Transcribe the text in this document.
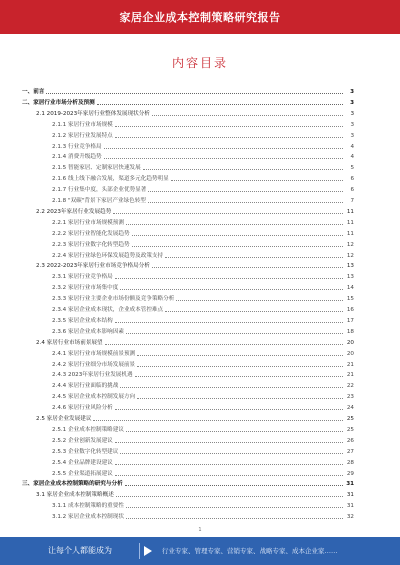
家居企业成本控制策略研究报告
内容目录
一、前言	3
二、家居行业市场分析及预测	3
2.1 2019-2023年家居行业整体发展现状分析	3
2.1.1 家居行业市场规模	3
2.1.2 家居行业发展特点	3
2.1.3 行业竞争格局	4
2.1.4 消费升级趋势	4
2.1.5 智能家居、定制家居快速发展	5
2.1.6 线上线下融合发展，渠道多元化趋势明显	6
2.1.7 行业集中度，头部企业优势显著	6
2.1.8 "双碳"背景下家居产业绿色转型	7
2.2 2023年家居行业发展趋势	11
2.2.1 家居行业市场规模预测	11
2.2.2 家居行业智能化发展趋势	11
2.2.3 家居行业数字化转型趋势	12
2.2.4 家居行业绿色环保发展趋势及政策支持	12
2.3 2022-2023年家居行业市场竞争格局分析	13
2.3.1 家居行业竞争格局	13
2.3.2 家居行业市场集中度	14
2.3.3 家居行业主要企业市场份额及竞争策略分析	15
2.3.4 家居企业成本现状，企业成本管控难点	16
2.3.5 家居企业成本结构	17
2.3.6 家居企业成本影响因素	18
2.4 家居行业市场前景展望	20
2.4.1 家居行业市场规模前景预测	20
2.4.2 家居行业细分市场发展前景	21
2.4.3 2023年家居行业发展机遇	21
2.4.4 家居行业面临的挑战	22
2.4.5 家居企业成本控制发展方向	23
2.4.6 家居行业风险分析	24
2.5 家居企业发展建议	25
2.5.1 企业成本控制策略建议	25
2.5.2 企业创新发展建议	26
2.5.3 企业数字化转型建议	27
2.5.4 企业品牌建设建议	28
2.5.5 企业渠道拓展建议	29
三、家居企业成本控制策略的研究与分析	31
3.1 家居企业成本控制策略概述	31
3.1.1 成本控制策略的重要性	31
3.1.2 家居企业成本控制现状	32
1
让每个人都能成为	行业专家、管理专家、营销专家、战略专家、成本企业家……
